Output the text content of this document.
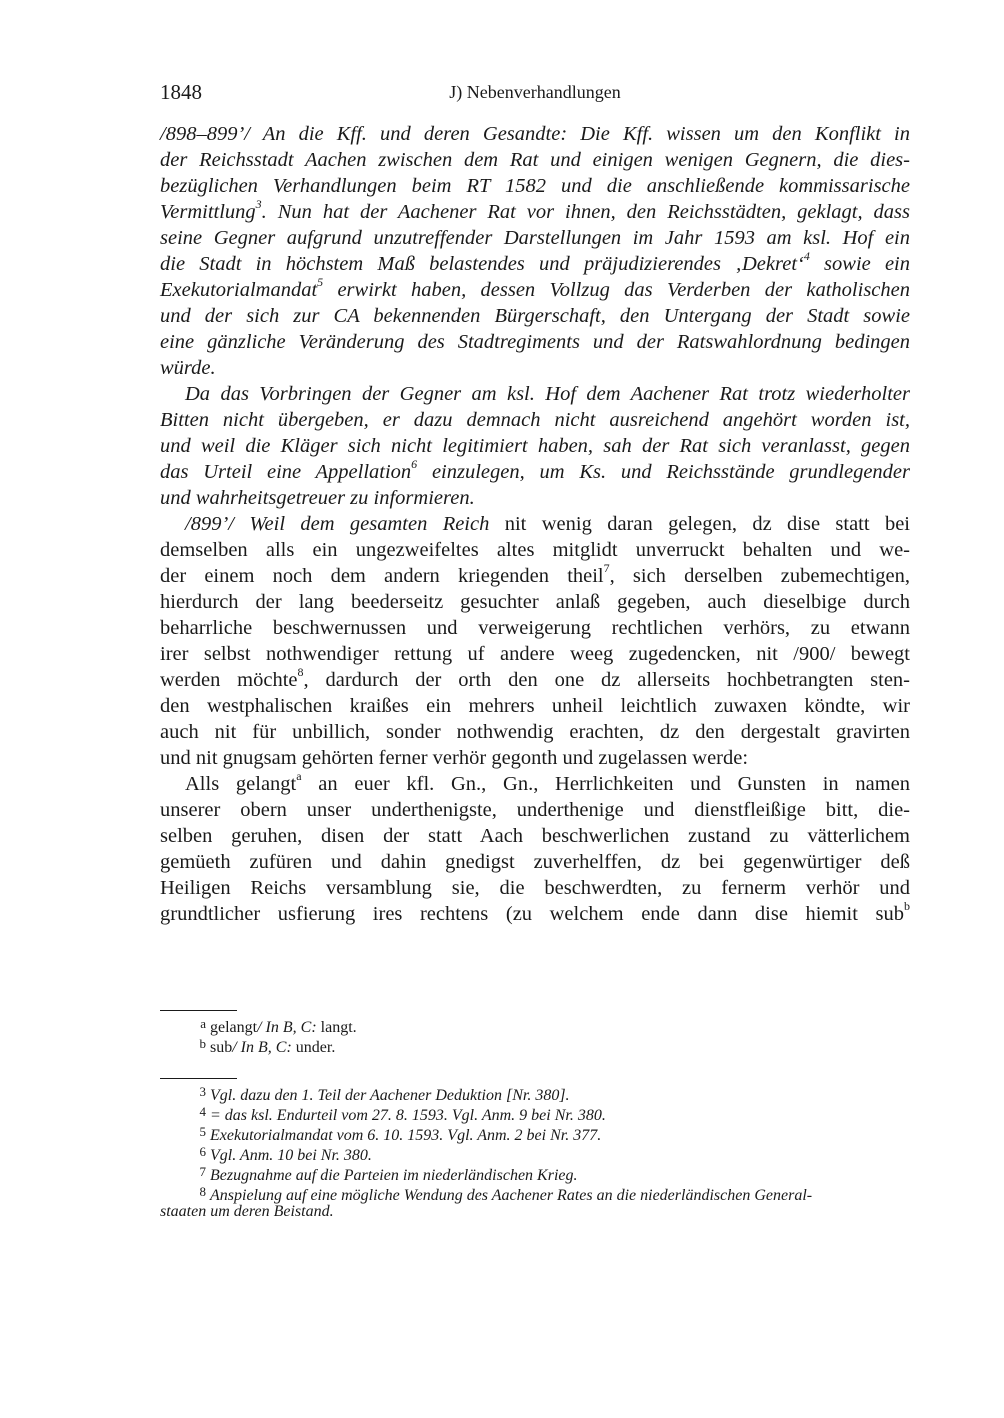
1848	J) Nebenverhandlungen
/898–899’/ An die Kff. und deren Gesandte: Die Kff. wissen um den Konflikt in
der Reichsstadt Aachen zwischen dem Rat und einigen wenigen Gegnern, die dies-
bezüglichen Verhandlungen beim RT 1582 und die anschließende kommissarische
Vermittlung$^3$. Nun hat der Aachener Rat vor ihnen, den Reichsstädten, geklagt, dass
seine Gegner aufgrund unzutreffender Darstellungen im Jahr 1593 am ksl. Hof ein
die Stadt in höchstem Maß belastendes und präjudizierendes ‚Dekret‘$^4$ sowie ein
Exekutorialmandat$^5$ erwirkt haben, dessen Vollzug das Verderben der katholischen
und der sich zur CA bekennenden Bürgerschaft, den Untergang der Stadt sowie
eine gänzliche Veränderung des Stadtregiments und der Ratswahlordnung bedingen
würde.
Da das Vorbringen der Gegner am ksl. Hof dem Aachener Rat trotz wiederholter
Bitten nicht übergeben, er dazu demnach nicht ausreichend angehört worden ist,
und weil die Kläger sich nicht legitimiert haben, sah der Rat sich veranlasst, gegen
das Urteil eine Appellation$^6$ einzulegen, um Ks. und Reichsstände grundlegender
und wahrheitsgetreuer zu informieren.
/899’/ Weil dem gesamten Reich nit wenig daran gelegen, dz dise statt bei
demselben alls ein ungezweifeltes altes mitglidt unverruckt behalten und we-
der einem noch dem andern kriegenden theil$^7$, sich derselben zubemechtigen,
hierdurch der lang beederseitz gesuchter anlaß gegeben, auch dieselbige durch
beharrliche beschwernussen und verweigerung rechtlichen verhörs, zu etwann
irer selbst nothwendiger rettung uf andere weeg zugedencken, nit /900/ bewegt
werden möchte$^8$, dardurch der orth den one dz allerseits hochbetrangten sten-
den westphalischen kraißes ein mehrers unheil leichtlich zuwaxen köndte, wir
auch nit für unbillich, sonder nothwendig erachten, dz den dergestalt gravirten
und nit gnugsam gehörten ferner verhör gegonth und zugelassen werde:
Alls gelangt$^a$ an euer kfl. Gn., Gn., Herrlichkeiten und Gunsten in namen
unserer obern unser underthenigste, underthenige und dienstfleißige bitt, die-
selben geruhen, disen der statt Aach beschwerlichen zustand zu vätterlichem
gemüeth zufüren und dahin gnedigst zuverhelffen, dz bei gegenwürtiger deß
Heiligen Reichs versamblung sie, die beschwerdten, zu fernerm verhör und
grundtlicher usfierung ires rechtens (zu welchem ende dann dise hiemit sub$^b$
a gelangt/ In B, C: langt.
b sub/ In B, C: under.
3 Vgl. dazu den 1. Teil der Aachener Deduktion [Nr. 380].
4 = das ksl. Endurteil vom 27. 8. 1593. Vgl. Anm. 9 bei Nr. 380.
5 Exekutorialmandat vom 6. 10. 1593. Vgl. Anm. 2 bei Nr. 377.
6 Vgl. Anm. 10 bei Nr. 380.
7 Bezugnahme auf die Parteien im niederländischen Krieg.
8 Anspielung auf eine mögliche Wendung des Aachener Rates an die niederländischen General-
staaten um deren Beistand.
